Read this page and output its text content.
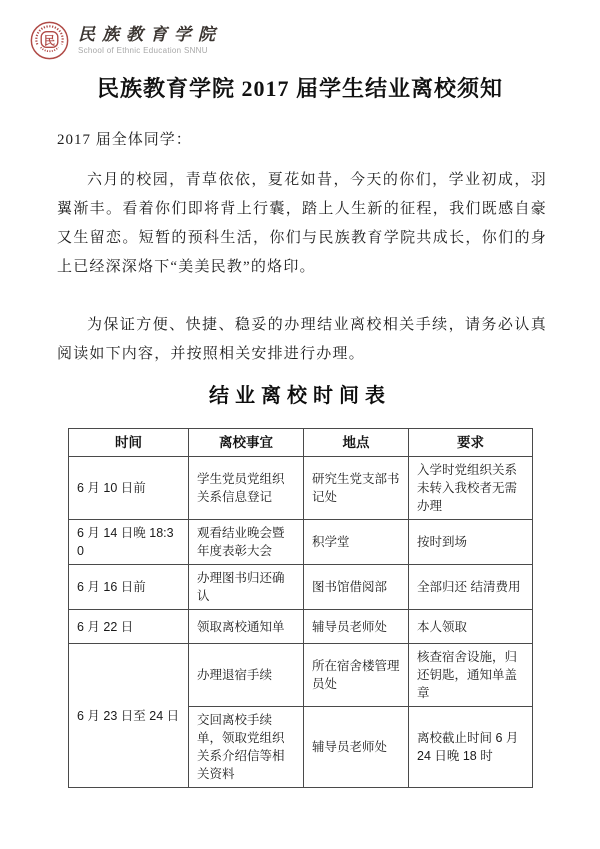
民 民族教育学院
School of Ethnic Education SNNU
民族教育学院 2017 届学生结业离校须知
2017 届全体同学：
六月的校园，青草依依，夏花如昔，今天的你们，学业初成，羽翼渐丰。看着你们即将背上行囊，踏上人生新的征程，我们既感自豪又生留恋。短暂的预科生活，你们与民族教育学院共成长，你们的身上已经深深烙下“美美民教”的烙印。
为保证方便、快捷、稳妥的办理结业离校相关手续，请务必认真阅读如下内容，并按照相关安排进行办理。
结业离校时间表
时间	离校事宜	地点	要求
6 月 10 日前	学生党员党组织关系信息登记	研究生党支部书记处	入学时党组织关系未转入我校者无需办理
6 月 14 日晚 18:30	观看结业晚会暨年度表彰大会	积学堂	按时到场
6 月 16 日前	办理图书归还确认	图书馆借阅部	全部归还 结清费用
6 月 22 日	领取离校通知单	辅导员老师处	本人领取
6 月 23 日至 24 日	办理退宿手续	所在宿舍楼管理员处	核查宿舍设施，归还钥匙，通知单盖章
	交回离校手续单，领取党组织关系介绍信等相关资料	辅导员老师处	离校截止时间 6 月 24 日晚 18 时
